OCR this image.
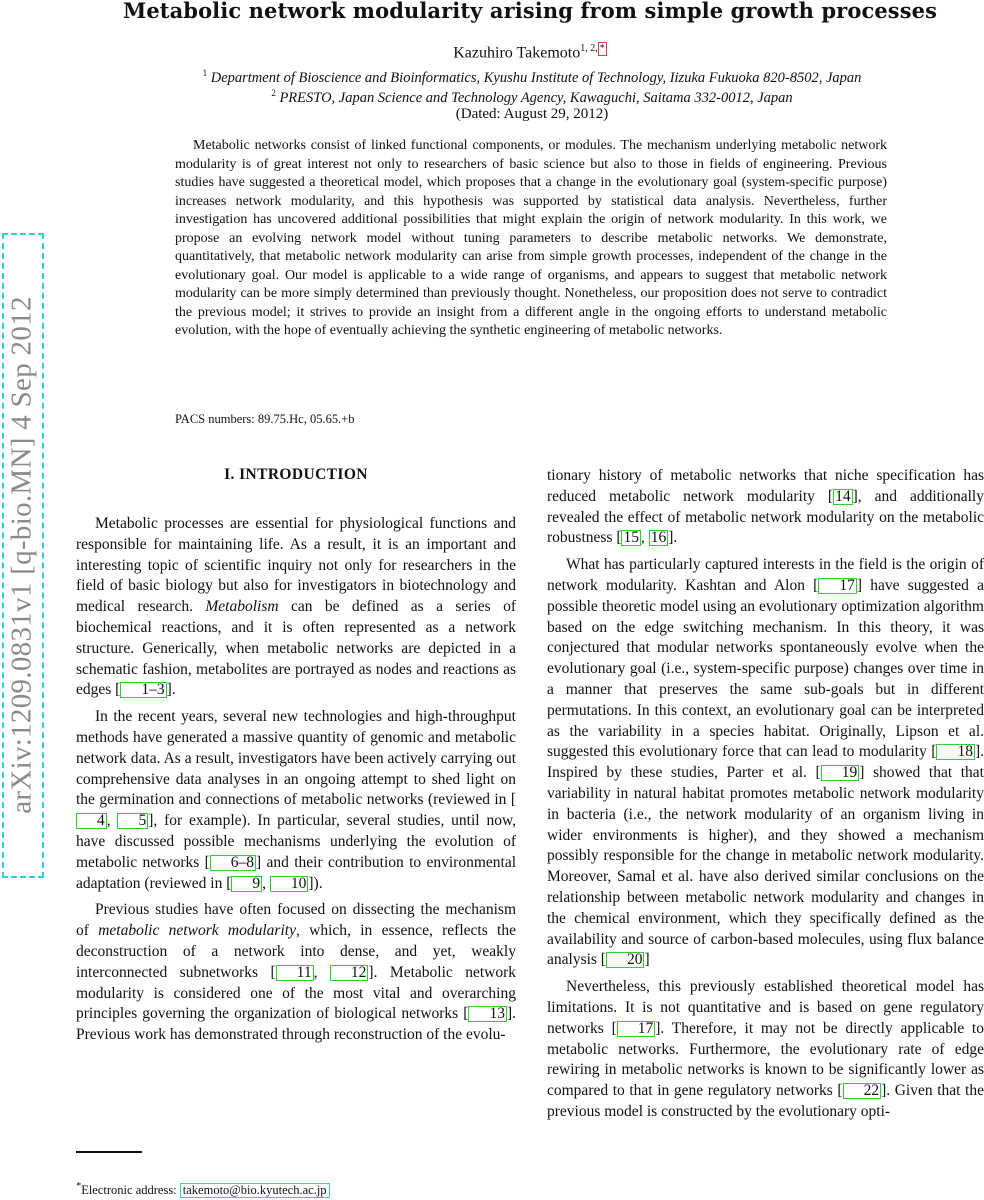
Metabolic network modularity arising from simple growth processes
Kazuhiro Takemoto$^{1, 2, *}$
$^1$ Department of Bioscience and Bioinformatics, Kyushu Institute of Technology, Iizuka Fukuoka 820-8502, Japan
$^2$ PRESTO, Japan Science and Technology Agency, Kawaguchi, Saitama 332-0012, Japan
(Dated: August 29, 2012)

Metabolic networks consist of linked functional components, or modules. The mechanism underlying metabolic network modularity is of great interest not only to researchers of basic science but also to those in fields of engineering. Previous studies have suggested a theoretical model, which proposes that a change in the evolutionary goal (system-specific purpose) increases network modularity, and this hypothesis was supported by statistical data analysis. Nevertheless, further investigation has uncovered additional possibilities that might explain the origin of network modularity. In this work, we propose an evolving network model without tuning parameters to describe metabolic networks. We demonstrate, quantitatively, that metabolic network modularity can arise from simple growth processes, independent of the change in the evolutionary goal. Our model is applicable to a wide range of organisms, and appears to suggest that metabolic network modularity can be more simply determined than previously thought. Nonetheless, our proposition does not serve to contradict the previous model; it strives to provide an insight from a different angle in the ongoing efforts to understand metabolic evolution, with the hope of eventually achieving the synthetic engineering of metabolic networks.

PACS numbers: 89.75.Hc, 05.65.+b

arXiv:1209.0831v1 [q-bio.MN] 4 Sep 2012	I. INTRODUCTION

Metabolic processes are essential for physiological functions and responsible for maintaining life. As a result, it is an important and interesting topic of scientific inquiry not only for researchers in the field of basic biology but also for investigators in biotechnology and medical research. Metabolism can be defined as a series of biochemical reactions, and it is often represented as a network structure. Generically, when metabolic networks are depicted in a schematic fashion, metabolites are portrayed as nodes and reactions as edges [ 1–3 ].

In the recent years, several new technologies and high-throughput methods have generated a massive quantity of genomic and metabolic network data. As a result, investigators have been actively carrying out comprehensive data analyses in an ongoing attempt to shed light on the germination and connections of metabolic networks (reviewed in [4 , 5 ], for example). In particular, several studies, until now, have discussed possible mechanisms underlying the evolution of metabolic networks [ 6–8 ] and their contribution to environmental adaptation (reviewed in [ 9 , 10 ]).

Previous studies have often focused on dissecting the mechanism of metabolic network modularity, which, in essence, reflects the deconstruction of a network into dense, and yet, weakly interconnected subnetworks [ 11 , 12 ]. Metabolic network modularity is considered one of the most vital and overarching principles governing the organization of biological networks [ 13 ]. Previous work has demonstrated through reconstruction of the evolu-

tionary history of metabolic networks that niche specification has reduced metabolic network modularity [ 14 ], and additionally revealed the effect of metabolic network modularity on the metabolic robustness [ 15 , 16 ].

What has particularly captured interests in the field is the origin of network modularity. Kashtan and Alon [ 17 ] have suggested a possible theoretic model using an evolutionary optimization algorithm based on the edge switching mechanism. In this theory, it was conjectured that modular networks spontaneously evolve when the evolutionary goal (i.e., system-specific purpose) changes over time in a manner that preserves the same sub-goals but in different permutations. In this context, an evolutionary goal can be interpreted as the variability in a species habitat. Originally, Lipson et al. suggested this evolutionary force that can lead to modularity [ 18 ]. Inspired by these studies, Parter et al. [ 19 ] showed that that variability in natural habitat promotes metabolic network modularity in bacteria (i.e., the network modularity of an organism living in wider environments is higher), and they showed a mechanism possibly responsible for the change in metabolic network modularity. Moreover, Samal et al. have also derived similar conclusions on the relationship between metabolic network modularity and changes in the chemical environment, which they specifically defined as the availability and source of carbon-based molecules, using flux balance analysis [ 20 ]

Nevertheless, this previously established theoretical model has limitations. It is not quantitative and is based on gene regulatory networks [ 17 ]. Therefore, it may not be directly applicable to metabolic networks. Furthermore, the evolutionary rate of edge rewiring in metabolic networks is known to be significantly lower as compared to that in gene regulatory networks [ 22 ]. Given that the previous model is constructed by the evolutionary opti-

*Electronic address: takemoto@bio.kyutech.ac.jp
